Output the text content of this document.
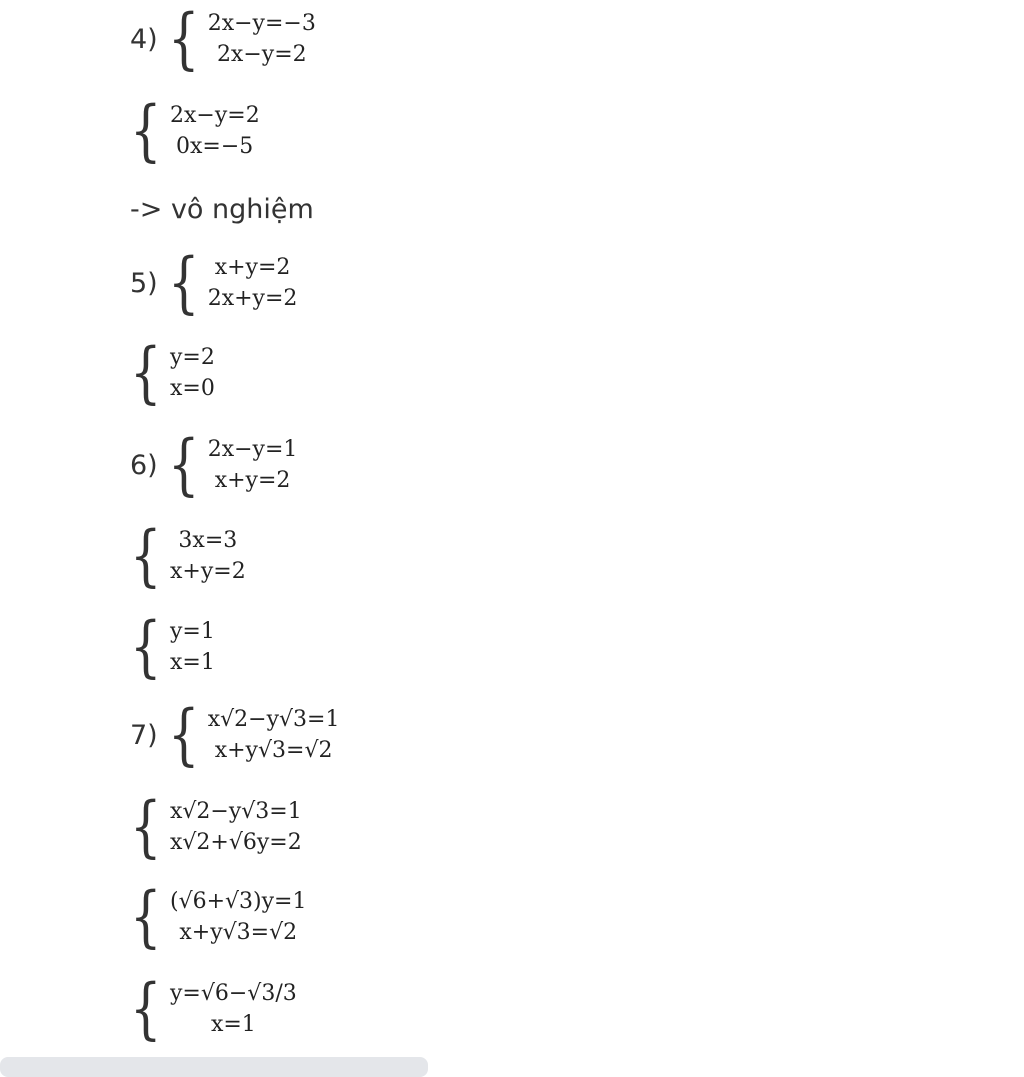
4) { 2x−y=−3
2x−y=2
{ 2x−y=2
0x=−5
-> vô nghiệm
5) { x+y=2
2x+y=2
{ y=2
x=0
6) { 2x−y=1
x+y=2
{ 3x=3
x+y=2
{ y=1
x=1
7) { x√2−y√3=1
x+y√3=√2
{ x√2−y√3=1
x√2+√6y=2
{ (√6+√3)y=1
x+y√3=√2
{ y=√6−√3/3
x=1
